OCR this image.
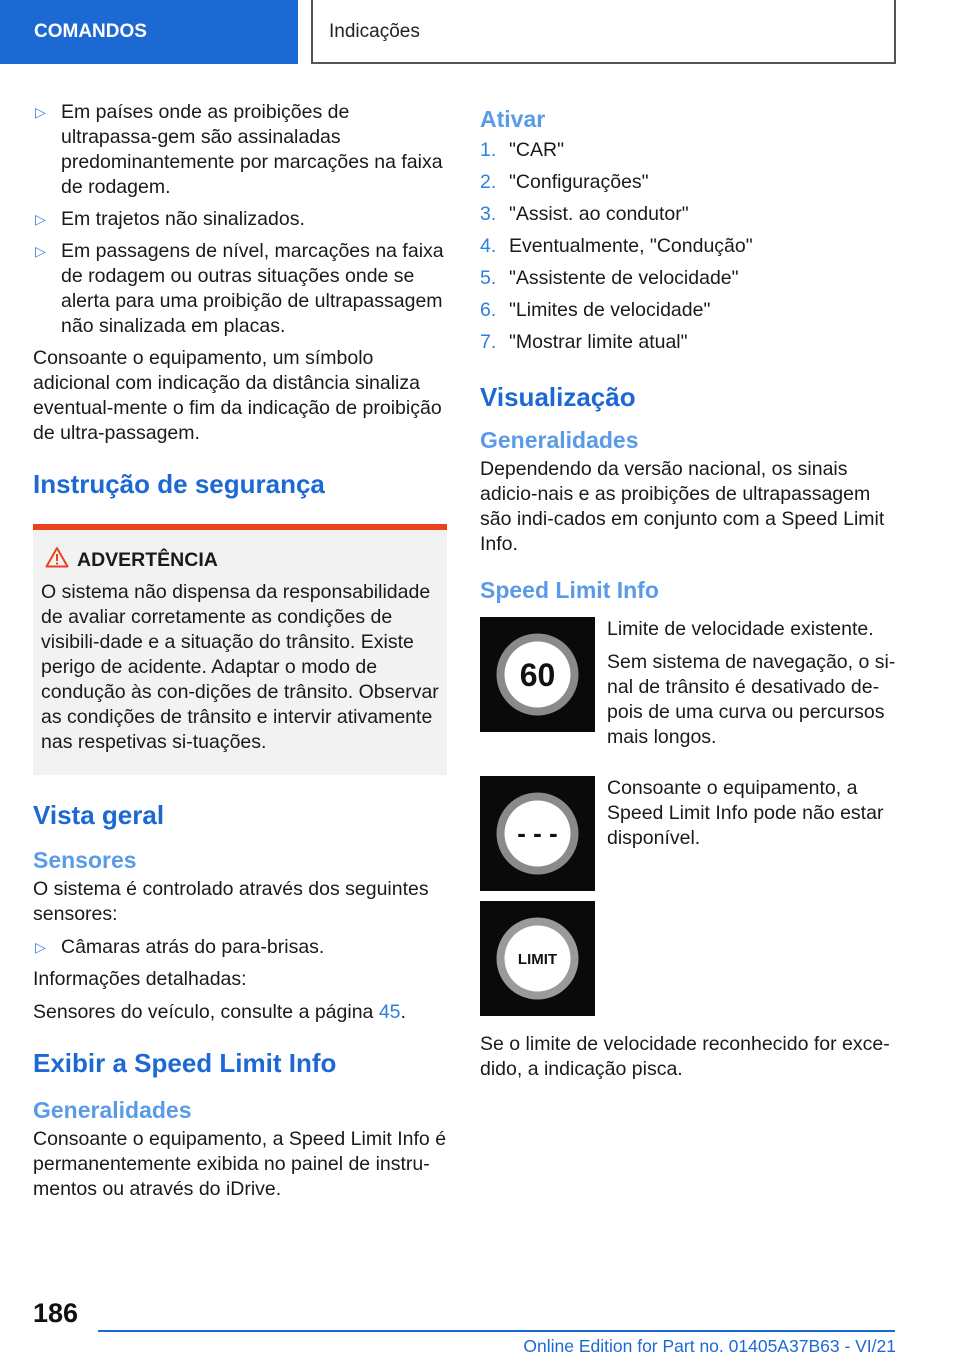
COMANDOS	Indicações
▷ Em países onde as proibições de ultrapassa-gem são assinaladas predominantemente por marcações na faixa de rodagem.
▷ Em trajetos não sinalizados.
▷ Em passagens de nível, marcações na faixa de rodagem ou outras situações onde se alerta para uma proibição de ultrapassagem não sinalizada em placas.

Consoante o equipamento, um símbolo adicional com indicação da distância sinaliza eventual-mente o fim da indicação de proibição de ultra-passagem.

Instrução de segurança
ADVERTÊNCIA

O sistema não dispensa da responsabilidade de avaliar corretamente as condições de visibili-dade e a situação do trânsito. Existe perigo de acidente. Adaptar o modo de condução às con-dições de trânsito. Observar as condições de trânsito e intervir ativamente nas respetivas si-tuações.

Vista geral
Sensores

O sistema é controlado através dos seguintes sensores:

▷ Câmaras atrás do para-brisas.

Informações detalhadas:

Sensores do veículo, consulte a página 45.

Exibir a Speed Limit Info
Generalidades

Consoante o equipamento, a Speed Limit Info é permanentemente exibida no painel de instru-mentos ou através do iDrive.

Ativar
1. "CAR"
2. "Configurações"
3. "Assist. ao condutor"
4. Eventualmente, "Condução"
5. "Assistente de velocidade"
6. "Limites de velocidade"
7. "Mostrar limite atual"
Visualização
Generalidades

Dependendo da versão nacional, os sinais adicio-nais e as proibições de ultrapassagem são indi-cados em conjunto com a Speed Limit Info.

Speed Limit Info
60

Limite de velocidade existente.

Sem sistema de navegação, o si-nal de trânsito é desativado de-pois de uma curva ou percursos mais longos.

- - -

Consoante o equipamento, a Speed Limit Info pode não estar disponível.

LIMIT

Se o limite de velocidade reconhecido for exce-dido, a indicação pisca.

186
Online Edition for Part no. 01405A37B63 - VI/21
